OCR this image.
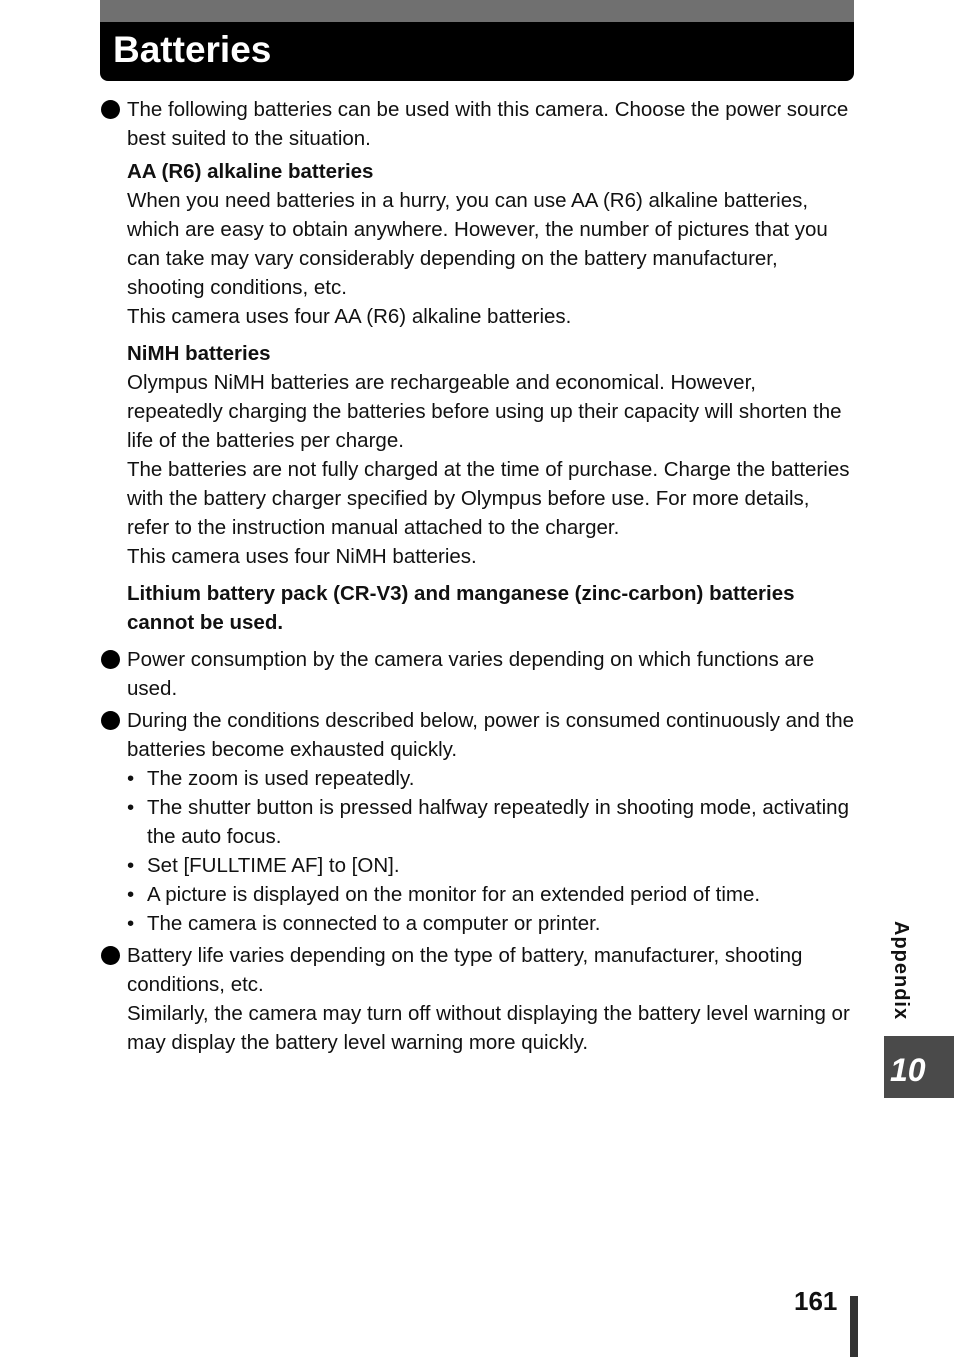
Batteries

The following batteries can be used with this camera. Choose the power source best suited to the situation.

AA (R6) alkaline batteries

When you need batteries in a hurry, you can use AA (R6) alkaline batteries, which are easy to obtain anywhere. However, the number of pictures that you can take may vary considerably depending on the battery manufacturer, shooting conditions, etc.

This camera uses four AA (R6) alkaline batteries.

NiMH batteries

Olympus NiMH batteries are rechargeable and economical. However, repeatedly charging the batteries before using up their capacity will shorten the life of the batteries per charge.

The batteries are not fully charged at the time of purchase. Charge the batteries with the battery charger specified by Olympus before use. For more details, refer to the instruction manual attached to the charger.

This camera uses four NiMH batteries.

Lithium battery pack (CR-V3) and manganese (zinc-carbon) batteries cannot be used.

Power consumption by the camera varies depending on which functions are used.

During the conditions described below, power is consumed continuously and the batteries become exhausted quickly.

• The zoom is used repeatedly.
• The shutter button is pressed halfway repeatedly in shooting mode, activating the auto focus.
• Set [FULLTIME AF] to [ON].
• A picture is displayed on the monitor for an extended period of time.
• The camera is connected to a computer or printer.

Battery life varies depending on the type of battery, manufacturer, shooting conditions, etc.

Similarly, the camera may turn off without displaying the battery level warning or may display the battery level warning more quickly.

Appendix
10
161
